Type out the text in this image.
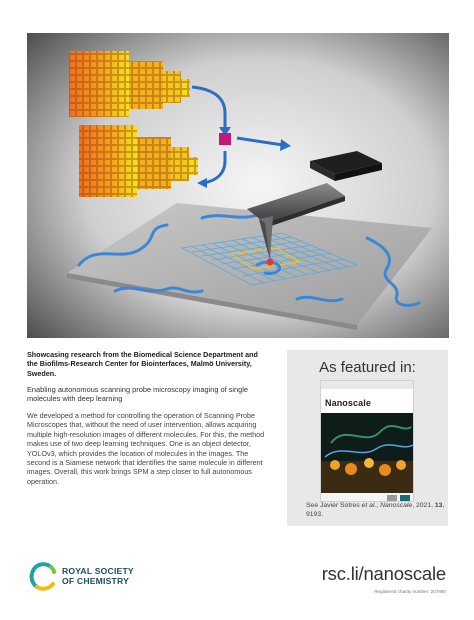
Showcasing research from the Biomedical Science Department and the Biofilms-Research Center for Biointerfaces, Malmö University, Sweden.

Enabling autonomous scanning probe microscopy imaging of single molecules with deep learning

We developed a method for controlling the operation of Scanning Probe Microscopes that, without the need of user intervention, allows acquiring multiple high-resolution images of different molecules. For this, the method makes use of two deep learning techniques. One is an object detector, YOLOv3, which provides the location of molecules in the images. The second is a Siamese network that identifies the same molecule in different images. Overall, this work brings SPM a step closer to full autonomous operation.

As featured in:
Nanoscale

See Javier Sotres et al., Nanoscale, 2021, 13, 9193.

ROYAL SOCIETY
OF CHEMISTRY	rsc.li/nanoscale
Registered charity number: 207890
